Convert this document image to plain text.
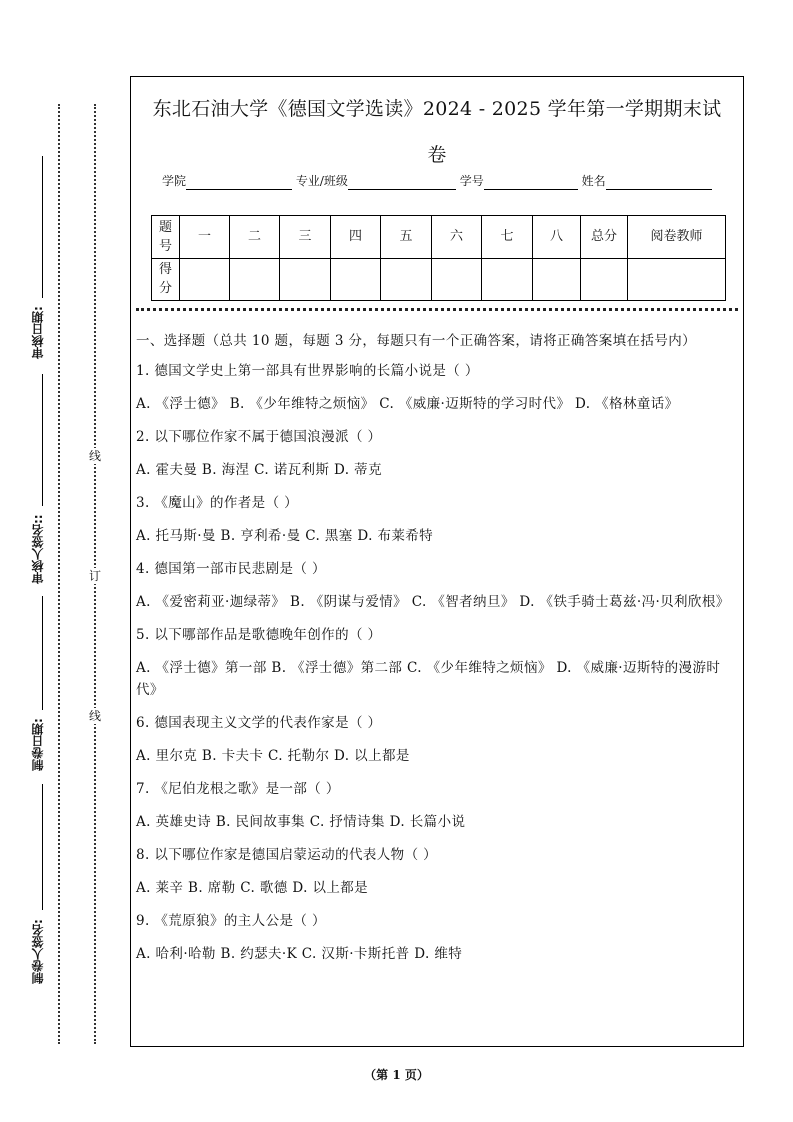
审核日期:
审核人签名::
制卷日期:
制卷人签名:
线
订
线
东北石油大学《德国文学选读》2024 - 2025 学年第一学期期末试
卷
学院	专业/班级	学号	姓名
题号	一	二	三	四	五	六	七	八	总分	阅卷教师
得分										

一、选择题（总共 10 题，每题 3 分，每题只有一个正确答案，请将正确答案填在括号内）

1. 德国文学史上第一部具有世界影响的长篇小说是（ ）

A. 《浮士德》 B. 《少年维特之烦恼》 C. 《威廉·迈斯特的学习时代》 D. 《格林童话》

2. 以下哪位作家不属于德国浪漫派（ ）

A. 霍夫曼 B. 海涅 C. 诺瓦利斯 D. 蒂克

3. 《魔山》的作者是（ ）

A. 托马斯·曼 B. 亨利希·曼 C. 黑塞 D. 布莱希特

4. 德国第一部市民悲剧是（ ）

A. 《爱密莉亚·迦绿蒂》 B. 《阴谋与爱情》 C. 《智者纳旦》 D. 《铁手骑士葛兹·冯·贝利欣根》

5. 以下哪部作品是歌德晚年创作的（ ）

A. 《浮士德》第一部 B. 《浮士德》第二部 C. 《少年维特之烦恼》 D. 《威廉·迈斯特的漫游时代》

6. 德国表现主义文学的代表作家是（ ）

A. 里尔克 B. 卡夫卡 C. 托勒尔 D. 以上都是

7. 《尼伯龙根之歌》是一部（ ）

A. 英雄史诗 B. 民间故事集 C. 抒情诗集 D. 长篇小说

8. 以下哪位作家是德国启蒙运动的代表人物（ ）

A. 莱辛 B. 席勒 C. 歌德 D. 以上都是

9. 《荒原狼》的主人公是（ ）

A. 哈利·哈勒 B. 约瑟夫·K C. 汉斯·卡斯托普 D. 维特

（第 1 页）
